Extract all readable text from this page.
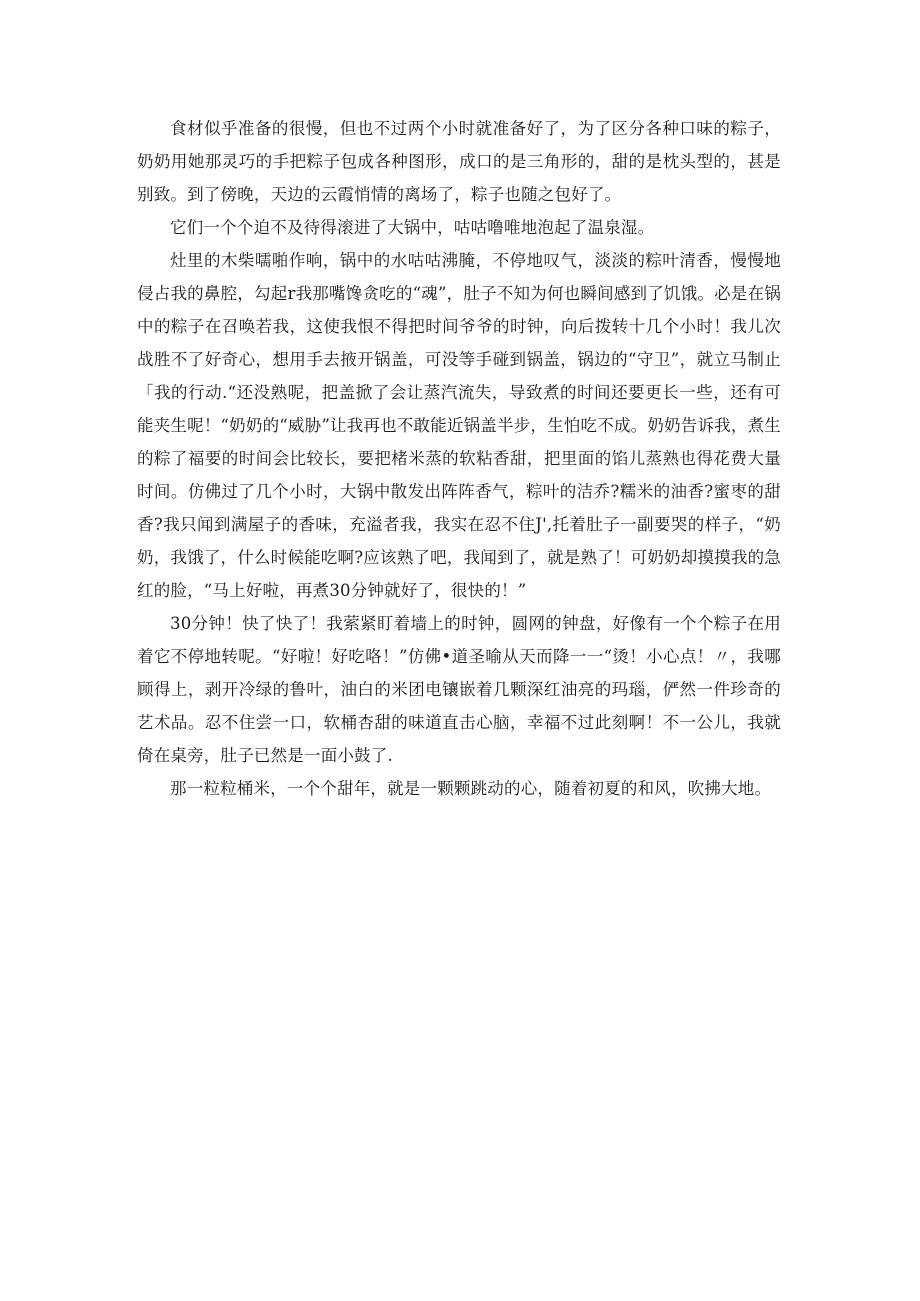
食材似乎准备的很慢，但也不过两个小时就准备好了，为了区分各种口味的粽子，奶奶用她那灵巧的手把粽子包成各种图形，成口的是三角形的，甜的是枕头型的，甚是别致。到了傍晚，天边的云霞悄情的离场了，粽子也随之包好了。

它们一个个迫不及待得滚进了大锅中，咕咕噜唯地泡起了温泉湿。

灶里的木柴嚅啪作响，锅中的水咕咕沸腌，不停地叹气，淡淡的粽叶清香，慢慢地侵占我的鼻腔，勾起r我那嘴馋贪吃的“魂”，肚子不知为何也瞬间感到了饥饿。必是在锅中的粽子在召唤若我，这使我恨不得把时间爷爷的时钟，向后拨转十几个小时！我儿次战胜不了好奇心，想用手去掖开锅盖，可没等手碰到锅盖，锅边的“守卫”，就立马制止「我的行动.“还没熟呢，把盖掀了会让蒸汽流失，导致煮的时间还要更长一些，还有可能夹生呢！“奶奶的“威胁”让我再也不敢能近锅盖半步，生怕吃不成。奶奶告诉我，煮生的粽了福要的时间会比较长，要把楮米蒸的软粘香甜，把里面的馅儿蒸熟也得花费大量时间。仿佛过了几个小时，大锅中散发出阵阵香气，粽叶的洁乔?糯米的油香?蜜枣的甜香?我只闻到满屋子的香味，充溢者我，我实在忍不住J',托着肚子一副要哭的样子，“奶奶，我饿了，什么时候能吃啊?应该熟了吧，我闻到了，就是熟了！可奶奶却摸摸我的急红的脸，“马上好啦，再煮30分钟就好了，很快的！”

30分钟！快了快了！我萦紧盯着墙上的时钟，圆网的钟盘，好像有一个个粽子在用着它不停地转呢。“好啦！好吃咯！”仿佛•道圣喻从天而降一一“烫！小心点！〃，我哪顾得上，剥开冷绿的鲁叶，油白的米团电镶嵌着几颗深红油亮的玛瑙，俨然一件珍奇的艺术品。忍不住尝一口，软桶杏甜的味道直击心脑，幸福不过此刻啊！不一公儿，我就倚在桌旁，肚子已然是一面小鼓了.

那一粒粒桶米，一个个甜年，就是一颗颗跳动的心，随着初夏的和风，吹拂大地。
